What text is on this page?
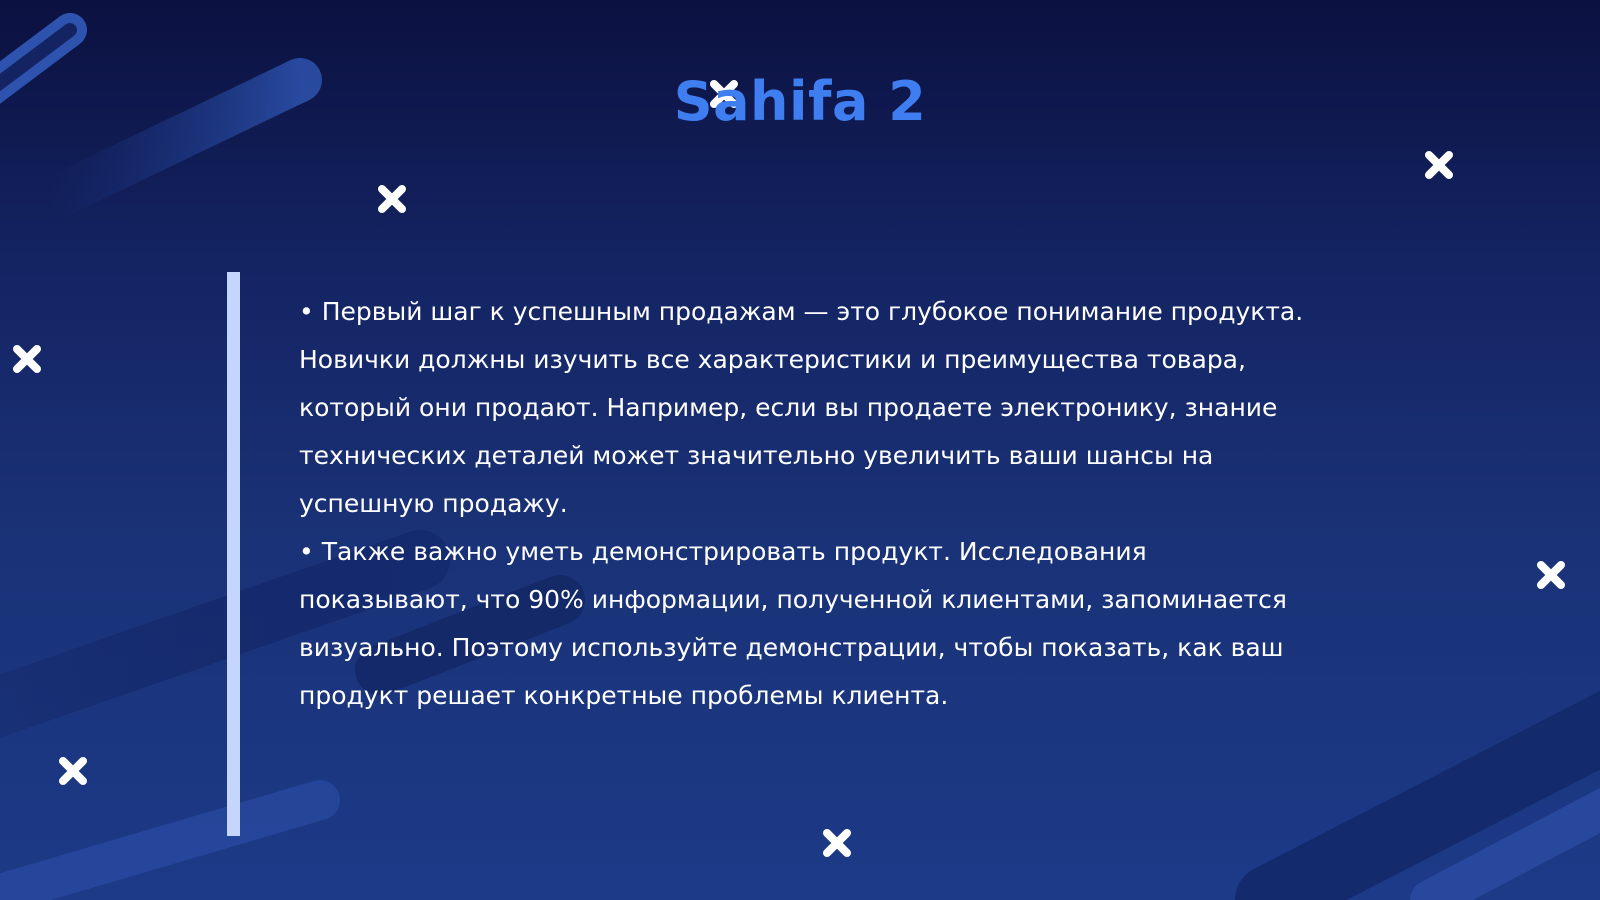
Sahifa 2

• Первый шаг к успешным продажам — это глубокое понимание продукта. Новички должны изучить все характеристики и преимущества товара, который они продают. Например, если вы продаете электронику, знание технических деталей может значительно увеличить ваши шансы на успешную продажу.

• Также важно уметь демонстрировать продукт. Исследования показывают, что 90% информации, полученной клиентами, запоминается визуально. Поэтому используйте демонстрации, чтобы показать, как ваш продукт решает конкретные проблемы клиента.
